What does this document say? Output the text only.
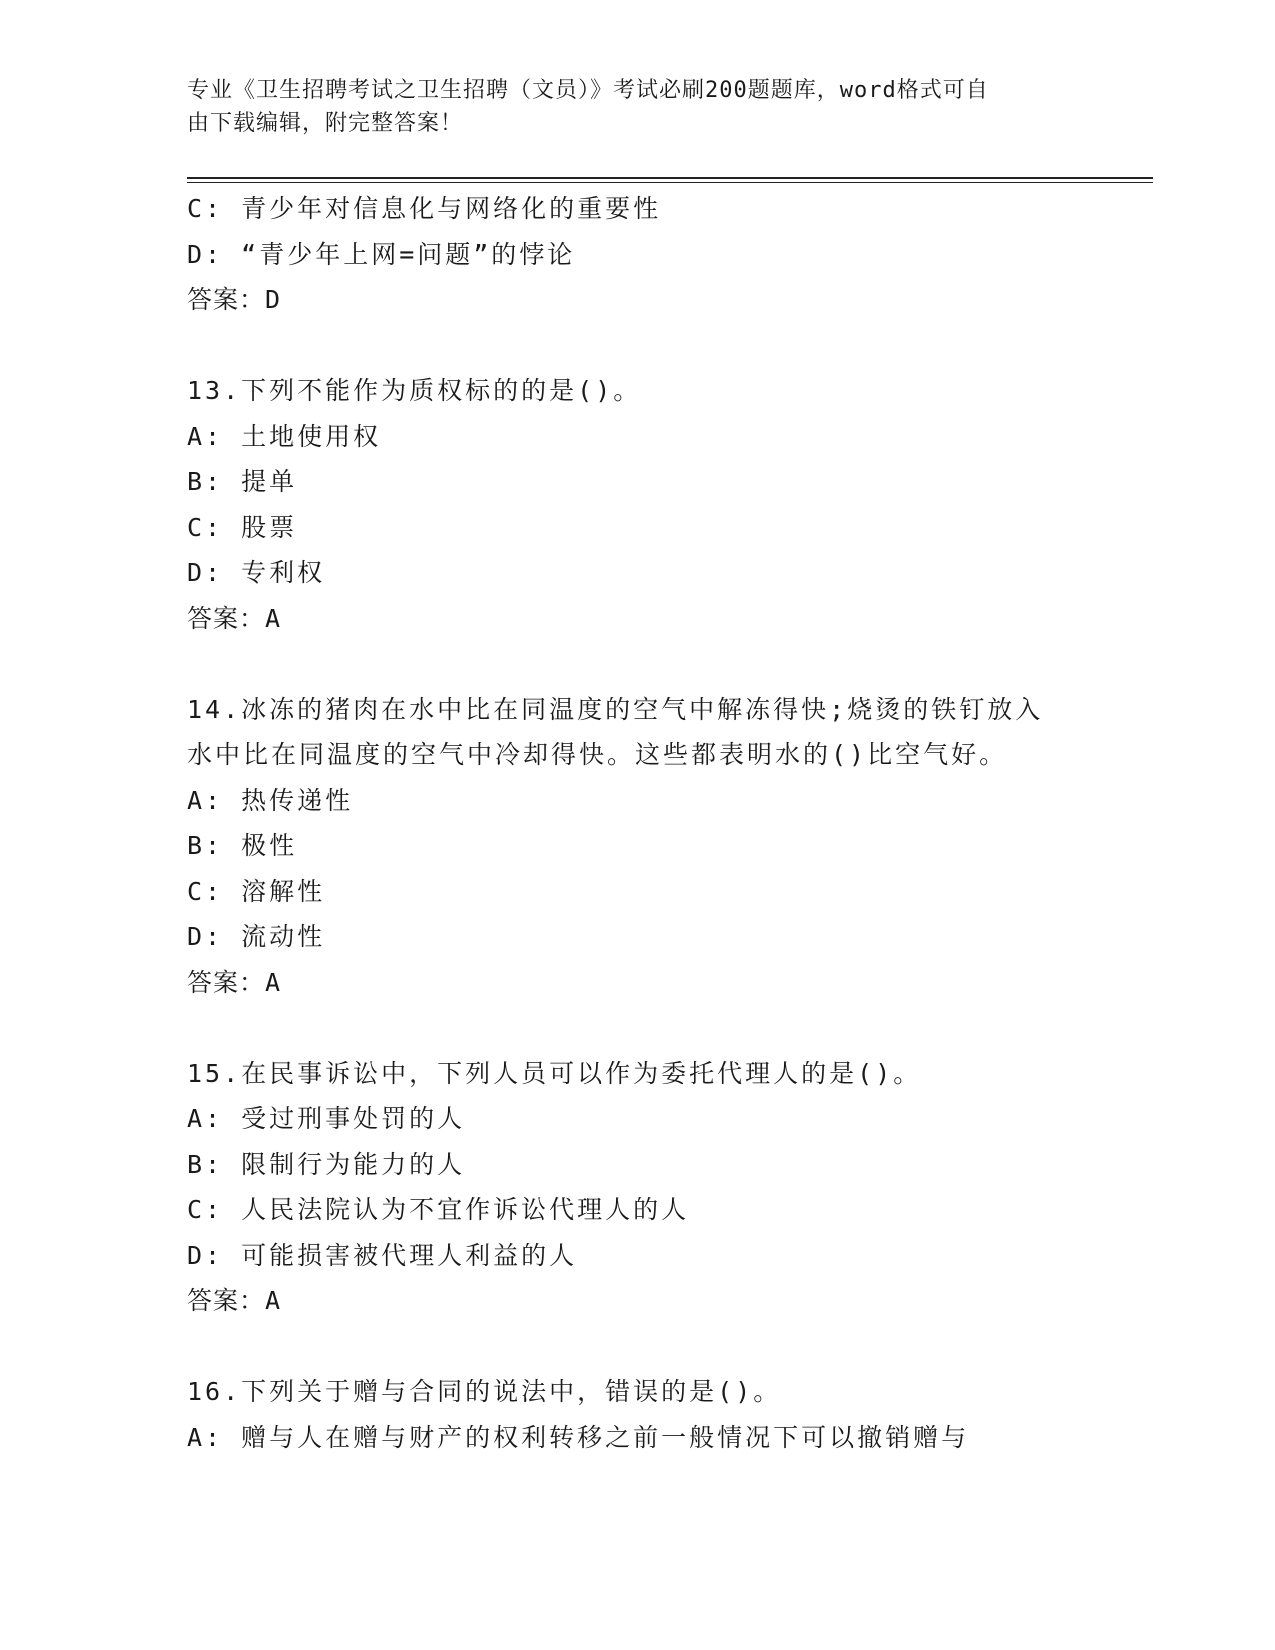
专业《卫生招聘考试之卫生招聘（文员）》考试必刷200题题库，word格式可自
由下载编辑，附完整答案！
C: 青少年对信息化与网络化的重要性
D: “青少年上网=问题”的悖论
答案：D
13.下列不能作为质权标的的是()。
A: 土地使用权
B: 提单
C: 股票
D: 专利权
答案：A
14.冰冻的猪肉在水中比在同温度的空气中解冻得快;烧烫的铁钉放入
水中比在同温度的空气中冷却得快。这些都表明水的()比空气好。
A: 热传递性
B: 极性
C: 溶解性
D: 流动性
答案：A
15.在民事诉讼中，下列人员可以作为委托代理人的是()。
A: 受过刑事处罚的人
B: 限制行为能力的人
C: 人民法院认为不宜作诉讼代理人的人
D: 可能损害被代理人利益的人
答案：A
16.下列关于赠与合同的说法中，错误的是()。
A: 赠与人在赠与财产的权利转移之前一般情况下可以撤销赠与
